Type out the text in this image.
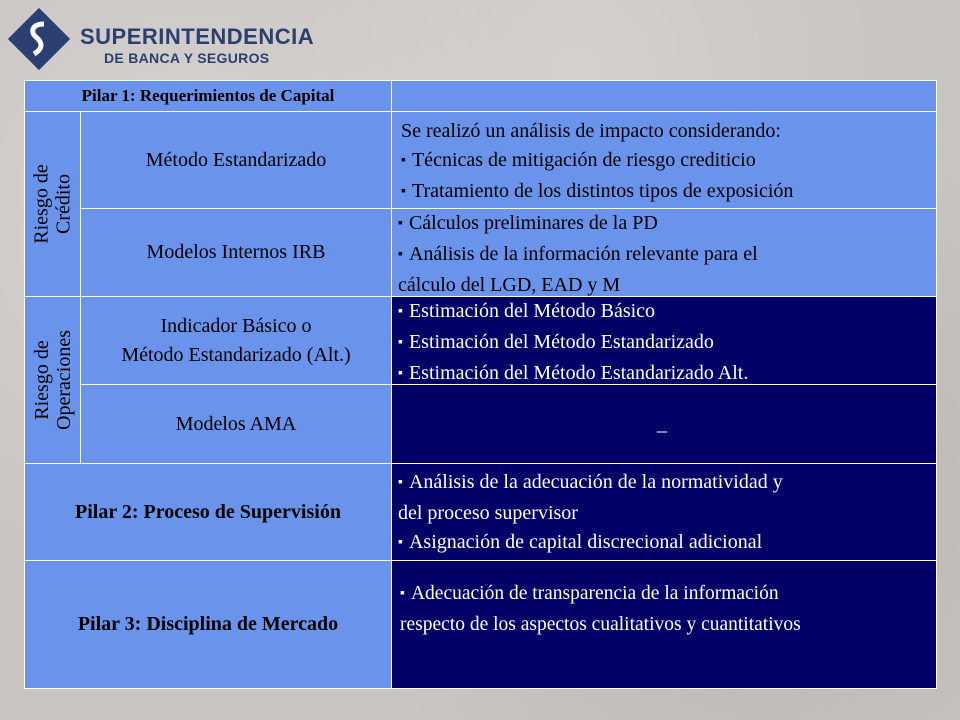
SUPERINTENDENCIA
DE BANCA Y SEGUROS
Pilar 1: Requerimientos de Capital
Riesgo de Crédito
Método Estandarizado
Se realizó un análisis de impacto considerando:
▪ Técnicas de mitigación de riesgo crediticio
▪ Tratamiento de los distintos tipos de exposición
Modelos Internos IRB
▪ Cálculos preliminares de la PD
▪ Análisis de la información relevante para el
cálculo del LGD, EAD y M
Riesgo de Operaciones
Indicador Básico o
Método Estandarizado (Alt.)
▪ Estimación del Método Básico
▪ Estimación del Método Estandarizado
▪ Estimación del Método Estandarizado Alt.
Modelos AMA	_
Pilar 2: Proceso de Supervisión
▪ Análisis de la adecuación de la normatividad y
del proceso supervisor
▪ Asignación de capital discrecional adicional
Pilar 3: Disciplina de Mercado
▪ Adecuación de transparencia de la información
respecto de los aspectos cualitativos y cuantitativos
